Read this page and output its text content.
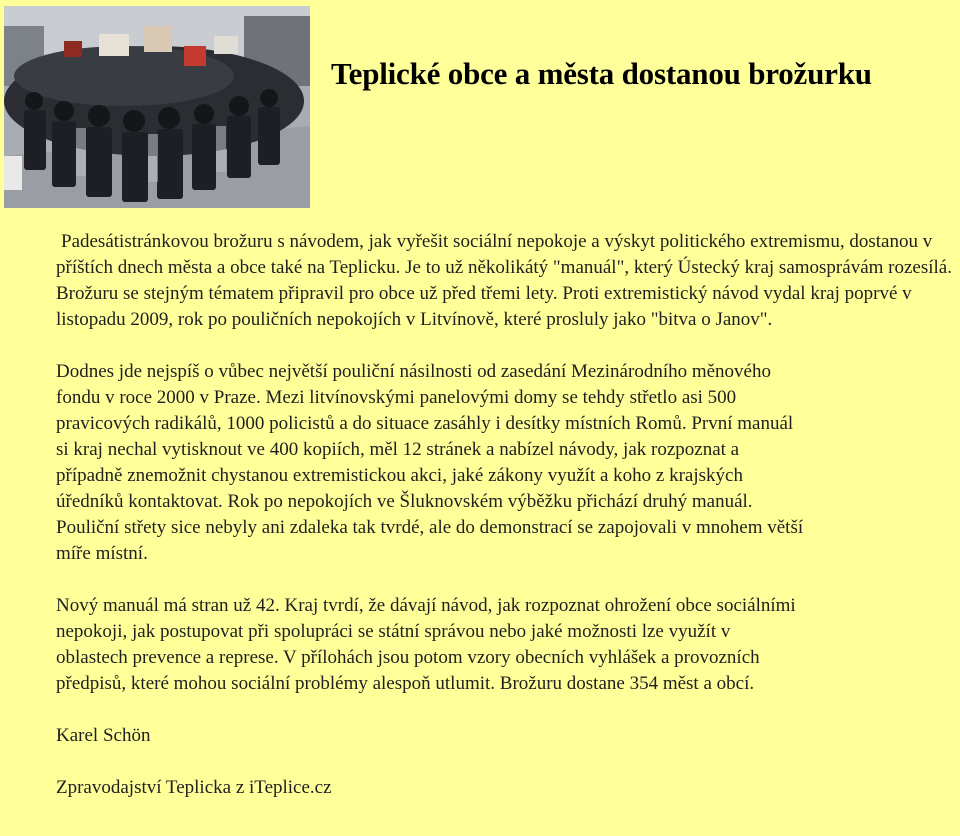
Teplické obce a města dostanou brožurku

Padesátistránkovou brožuru s návodem, jak vyřešit sociální nepokoje a výskyt politického extremismu, dostanou v příštích dnech města a obce také na Teplicku. Je to už několikátý "manuál", který Ústecký kraj samosprávám rozesílá. Brožuru se stejným tématem připravil pro obce už před třemi lety. Proti extremistický návod vydal kraj poprvé v listopadu 2009, rok po pouličních nepokojích v Litvínově, které prosluly jako "bitva o Janov".

Dodnes jde nejspíš o vůbec největší pouliční násilnosti od zasedání Mezinárodního měnového
fondu v roce 2000 v Praze. Mezi litvínovskými panelovými domy se tehdy střetlo asi 500
pravicových radikálů, 1000 policistů a do situace zasáhly i desítky místních Romů. První manuál
si kraj nechal vytisknout ve 400 kopiích, měl 12 stránek a nabízel návody, jak rozpoznat a
případně znemožnit chystanou extremistickou akci, jaké zákony využít a koho z krajských
úředníků kontaktovat. Rok po nepokojích ve Šluknovském výběžku přichází druhý manuál.
Pouliční střety sice nebyly ani zdaleka tak tvrdé, ale do demonstrací se zapojovali v mnohem větší
míře místní.

Nový manuál má stran už 42. Kraj tvrdí, že dávají návod, jak rozpoznat ohrožení obce sociálními
nepokoji, jak postupovat při spolupráci se státní správou nebo jaké možnosti lze využít v
oblastech prevence a represe. V přílohách jsou potom vzory obecních vyhlášek a provozních
předpisů, které mohou sociální problémy alespoň utlumit. Brožuru dostane 354 měst a obcí.

Karel Schön

Zpravodajství Teplicka z iTeplice.cz
